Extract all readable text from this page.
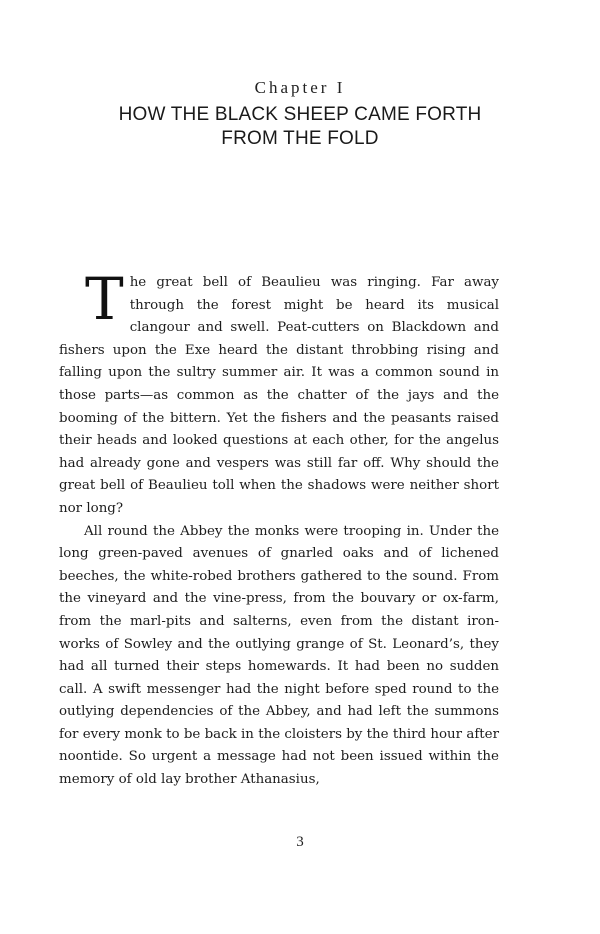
Chapter I
HOW THE BLACK SHEEP CAME FORTH
FROM THE FOLD

The great bell of Beaulieu was ringing. Far away through the forest might be heard its musical clangour and swell. Peat-cutters on Blackdown and fishers upon the Exe heard the distant throbbing rising and falling upon the sultry summer air. It was a common sound in those parts—as common as the chatter of the jays and the booming of the bittern. Yet the fishers and the peasants raised their heads and looked questions at each other, for the angelus had already gone and vespers was still far off. Why should the great bell of Beaulieu toll when the shadows were neither short nor long?

All round the Abbey the monks were trooping in. Under the long green-paved avenues of gnarled oaks and of lichened beeches, the white-robed brothers gathered to the sound. From the vineyard and the vine-press, from the bouvary or ox-farm, from the marl-pits and salterns, even from the distant iron-works of Sowley and the outlying grange of St. Leonard’s, they had all turned their steps homewards. It had been no sudden call. A swift messenger had the night before sped round to the outlying dependencies of the Abbey, and had left the summons for every monk to be back in the cloisters by the third hour after noontide. So urgent a message had not been issued within the memory of old lay brother Athanasius,

3
